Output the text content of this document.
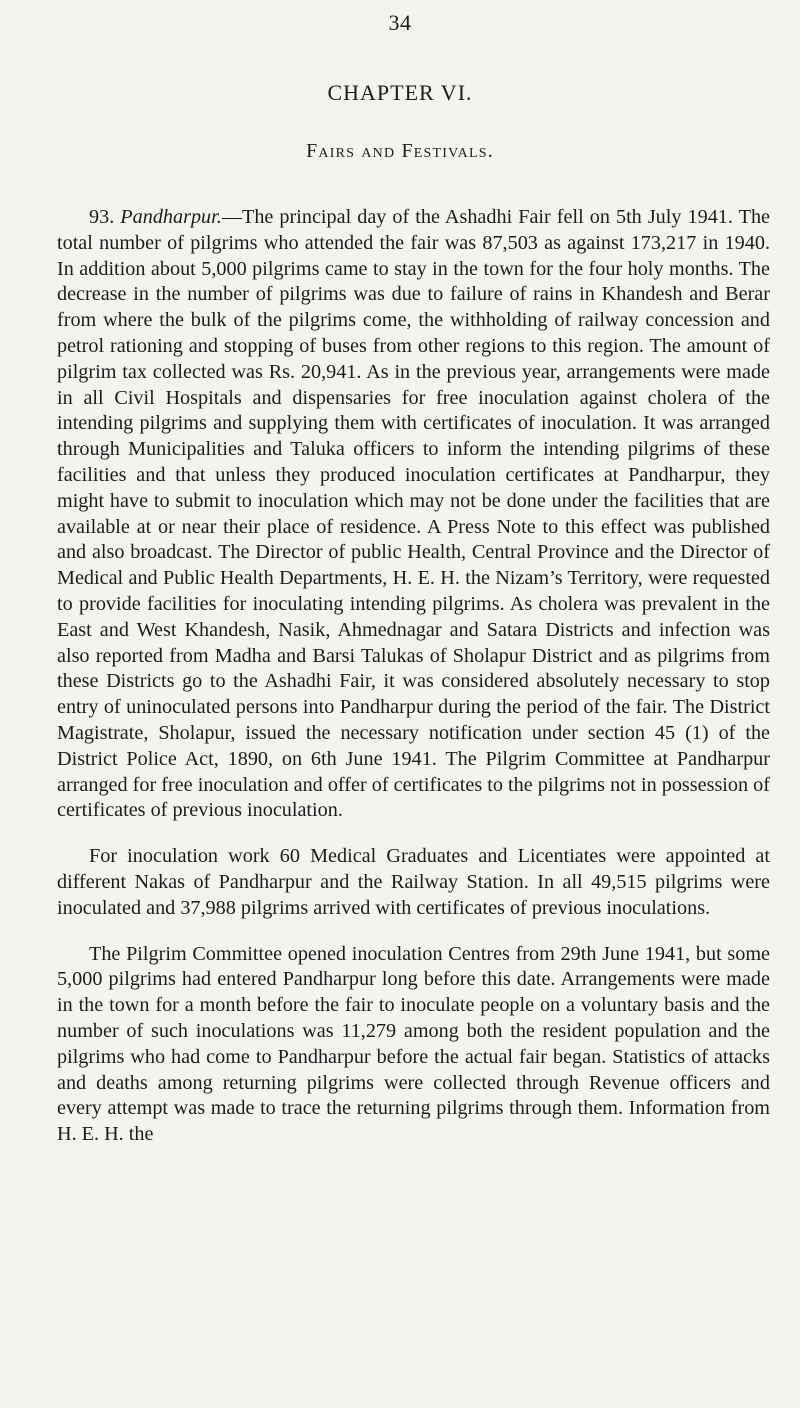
34
CHAPTER VI.
Fairs and Festivals.

93. Pandharpur.—The principal day of the Ashadhi Fair fell on 5th July 1941. The total number of pilgrims who attended the fair was 87,503 as against 173,217 in 1940. In addition about 5,000 pilgrims came to stay in the town for the four holy months. The decrease in the number of pilgrims was due to failure of rains in Khandesh and Berar from where the bulk of the pilgrims come, the withholding of railway concession and petrol rationing and stopping of buses from other regions to this region. The amount of pilgrim tax collected was Rs. 20,941. As in the previous year, arrangements were made in all Civil Hospitals and dispensaries for free inoculation against cholera of the intending pilgrims and supplying them with certificates of inoculation. It was arranged through Municipalities and Taluka officers to inform the intending pilgrims of these facilities and that unless they produced inoculation certificates at Pandharpur, they might have to submit to inoculation which may not be done under the facilities that are available at or near their place of residence. A Press Note to this effect was published and also broadcast. The Director of public Health, Central Province and the Director of Medical and Public Health Departments, H. E. H. the Nizam’s Territory, were requested to provide facilities for inoculating intending pilgrims. As cholera was prevalent in the East and West Khandesh, Nasik, Ahmednagar and Satara Districts and infection was also reported from Madha and Barsi Talukas of Sholapur District and as pilgrims from these Districts go to the Ashadhi Fair, it was considered absolutely necessary to stop entry of uninoculated persons into Pandharpur during the period of the fair. The District Magistrate, Sholapur, issued the necessary notification under section 45 (1) of the District Police Act, 1890, on 6th June 1941. The Pilgrim Committee at Pandharpur arranged for free inoculation and offer of certificates to the pilgrims not in possession of certificates of previous inoculation.

For inoculation work 60 Medical Graduates and Licentiates were appointed at different Nakas of Pandharpur and the Railway Station. In all 49,515 pilgrims were inoculated and 37,988 pilgrims arrived with certificates of previous inoculations.

The Pilgrim Committee opened inoculation Centres from 29th June 1941, but some 5,000 pilgrims had entered Pandharpur long before this date. Arrangements were made in the town for a month before the fair to inoculate people on a voluntary basis and the number of such inoculations was 11,279 among both the resident population and the pilgrims who had come to Pandharpur before the actual fair began. Statistics of attacks and deaths among returning pilgrims were collected through Revenue officers and every attempt was made to trace the returning pilgrims through them. Information from H. E. H. the
